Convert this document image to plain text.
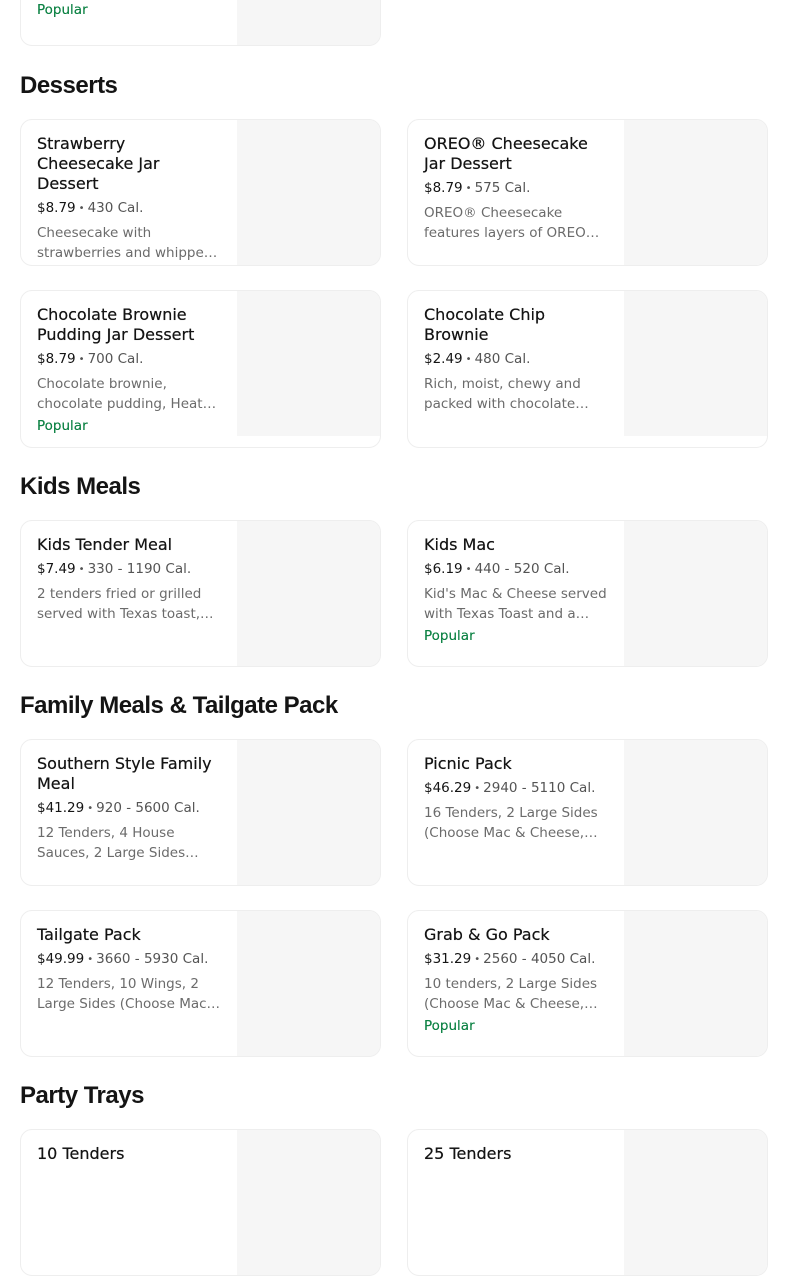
Popular
Desserts
Strawberry Cheesecake Jar Dessert
$8.79 • 430 Cal.
Cheesecake with strawberries and whipped
OREO® Cheesecake Jar Dessert
$8.79 • 575 Cal.
OREO® Cheesecake features layers of OREO®
Chocolate Brownie Pudding Jar Dessert
$8.79 • 700 Cal.
Chocolate brownie, chocolate pudding, Heath
Popular
Chocolate Chip Brownie
$2.49 • 480 Cal.
Rich, moist, chewy and packed with chocolate
Kids Meals
Kids Tender Meal
$7.49 • 330 - 1190 Cal.
2 tenders fried or grilled served with Texas toast,
Kids Mac
$6.19 • 440 - 520 Cal.
Kid's Mac & Cheese served with Texas Toast and a
Popular
Family Meals & Tailgate Pack
Southern Style Family Meal
$41.29 • 920 - 5600 Cal.
12 Tenders, 4 House Sauces, 2 Large Sides
Picnic Pack
$46.29 • 2940 - 5110 Cal.
16 Tenders, 2 Large Sides (Choose Mac & Cheese,
Tailgate Pack
$49.99 • 3660 - 5930 Cal.
12 Tenders, 10 Wings, 2 Large Sides (Choose Mac &
Grab & Go Pack
$31.29 • 2560 - 4050 Cal.
10 tenders, 2 Large Sides (Choose Mac & Cheese,
Popular
Party Trays
10 Tenders	25 Tenders
